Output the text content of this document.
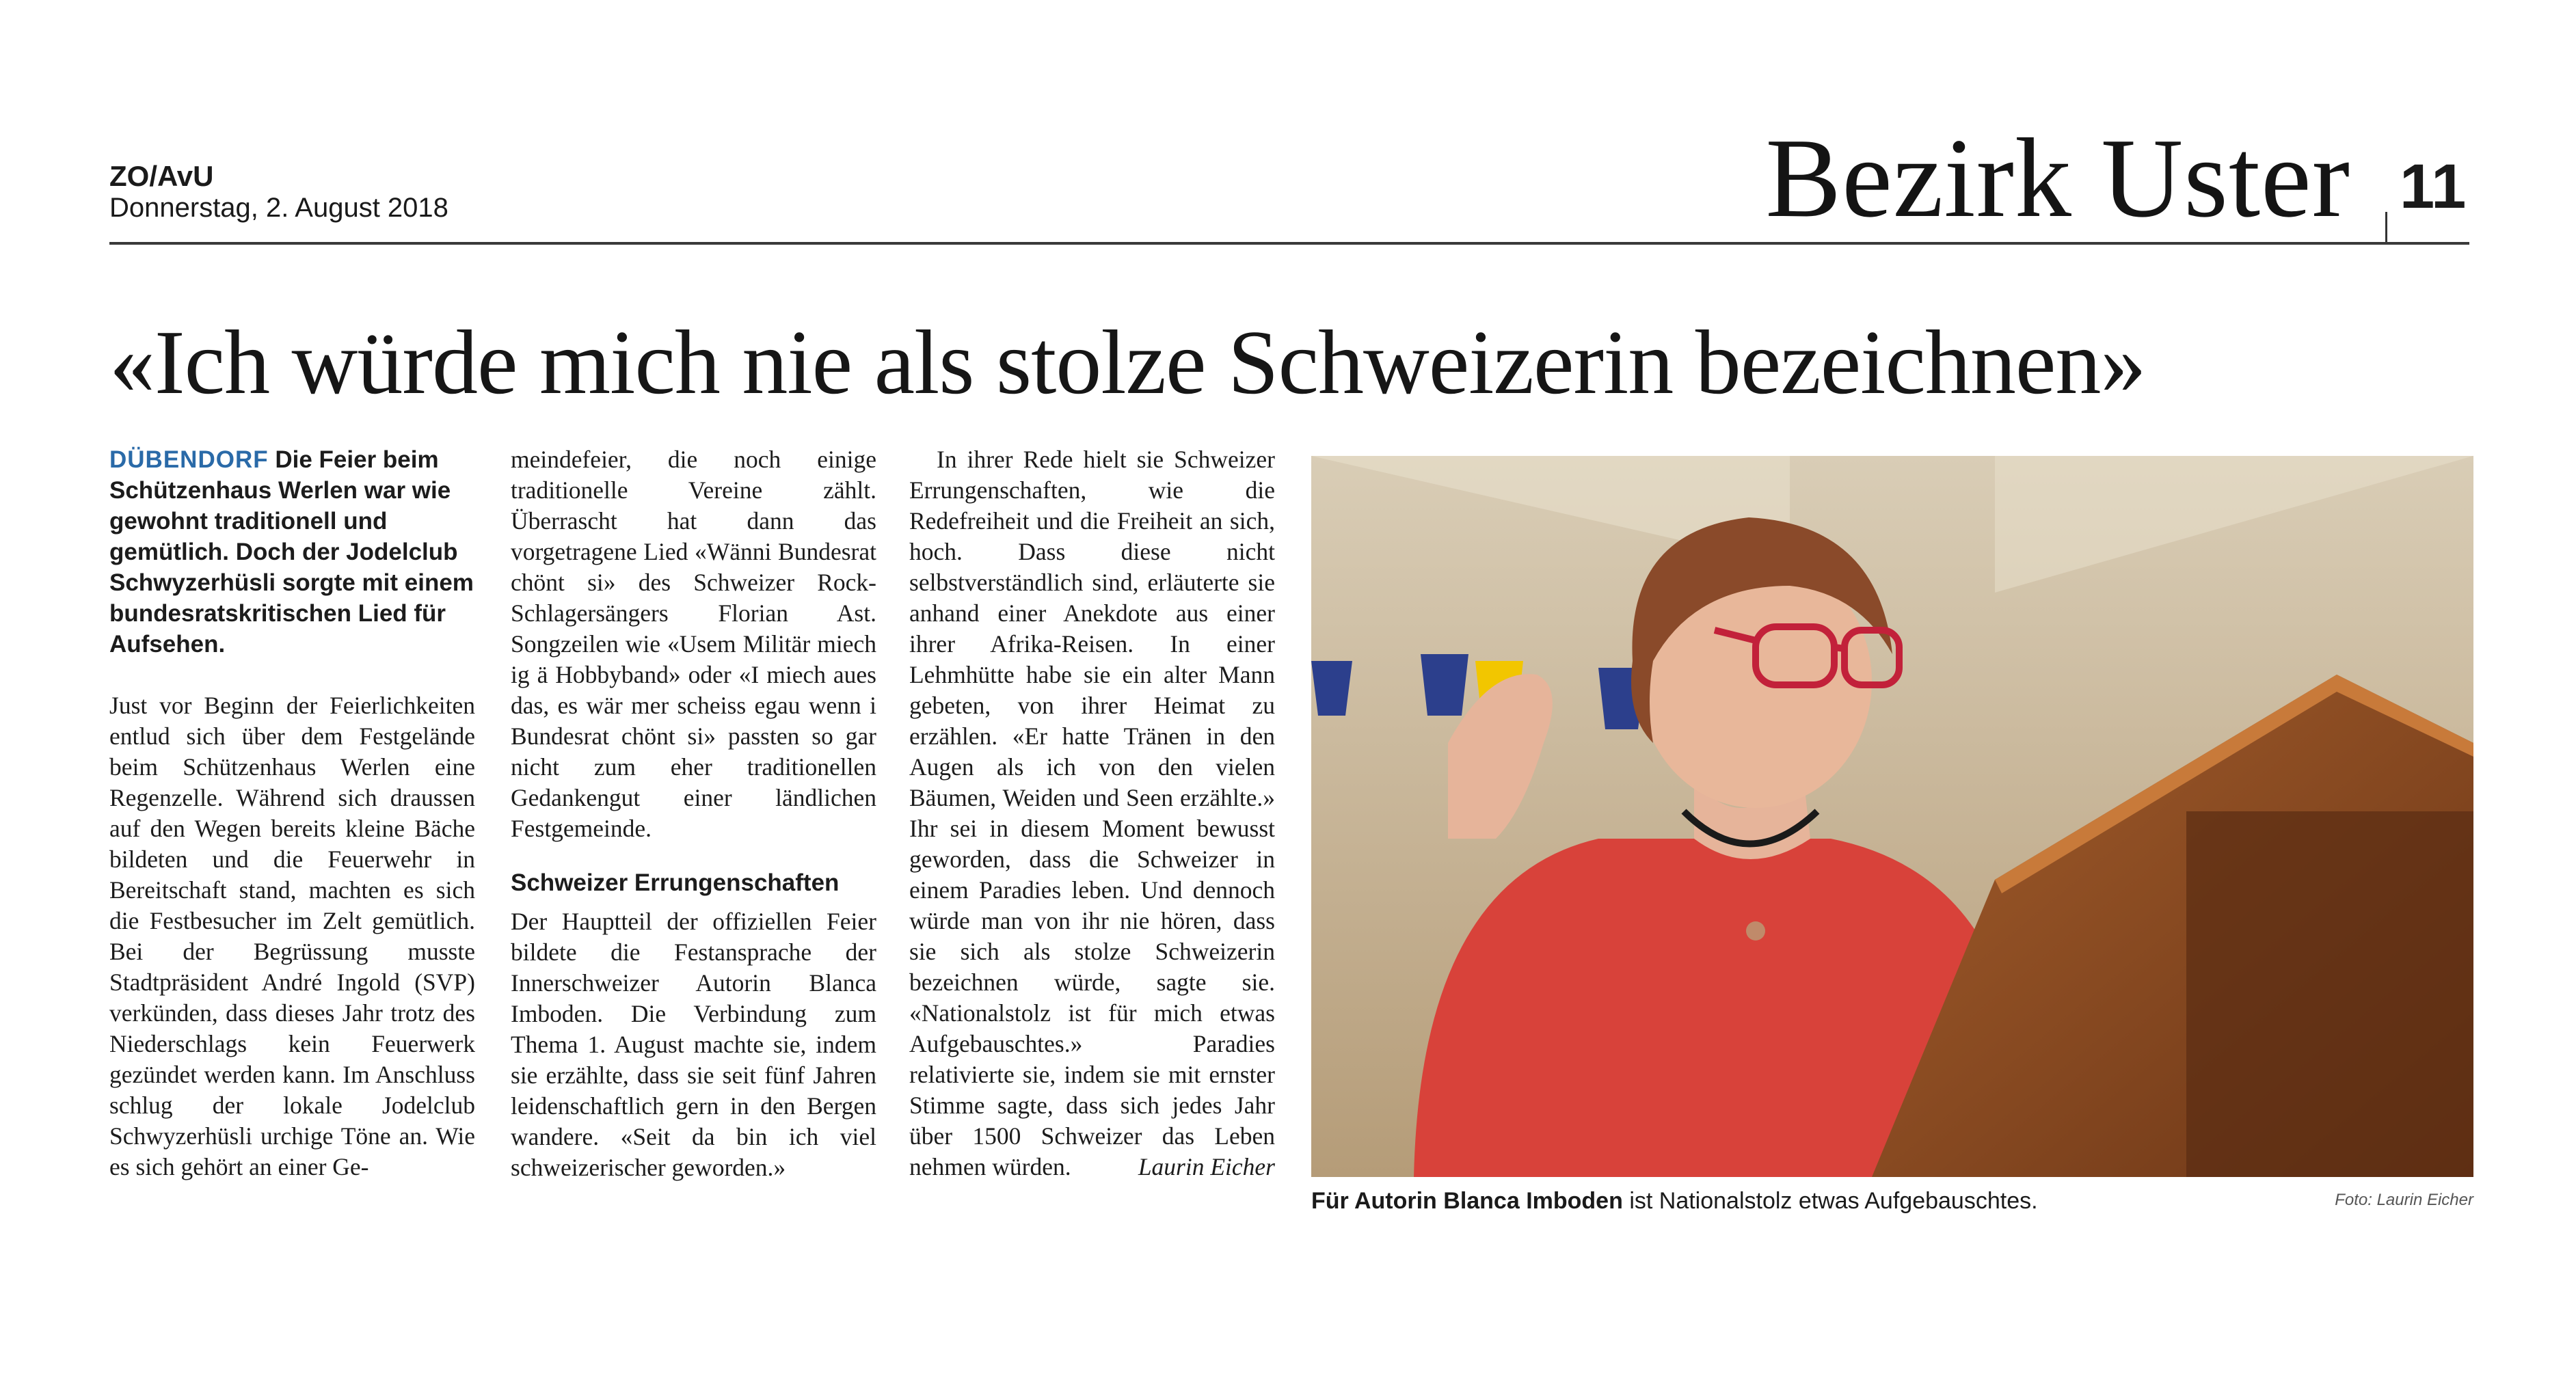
ZO/AvU
Donnerstag, 2. August 2018	Bezirk Uster 11
«Ich würde mich nie als stolze Schweizerin bezeichnen»

DÜBENDORF Die Feier beim Schützenhaus Werlen war wie gewohnt traditionell und gemütlich. Doch der Jodelclub Schwyzerhüsli sorgte mit einem bundesratskritischen Lied für Aufsehen.

Just vor Beginn der Feierlichkeiten entlud sich über dem Festgelände beim Schützenhaus Werlen eine Regenzelle. Während sich draussen auf den Wegen bereits kleine Bäche bildeten und die Feuerwehr in Bereitschaft stand, machten es sich die Festbesucher im Zelt gemütlich. Bei der Begrüssung musste Stadtpräsident André Ingold (SVP) verkünden, dass dieses Jahr trotz des Niederschlags kein Feuerwerk gezündet werden kann. Im Anschluss schlug der lokale Jodelclub Schwyzerhüsli urchige Töne an. Wie es sich gehört an einer Ge-

meindefeier, die noch einige traditionelle Vereine zählt. Überrascht hat dann das vorgetragene Lied «Wänni Bundesrat chönt si» des Schweizer Rock-Schlagersängers Florian Ast. Songzeilen wie «Usem Militär miech ig ä Hobbyband» oder «I miech aues das, es wär mer scheiss egau wenn i Bundesrat chönt si» passten so gar nicht zum eher traditionellen Gedankengut einer ländlichen Festgemeinde.

Schweizer Errungenschaften

Der Hauptteil der offiziellen Feier bildete die Festansprache der Innerschweizer Autorin Blanca Imboden. Die Verbindung zum Thema 1. August machte sie, indem sie erzählte, dass sie seit fünf Jahren leidenschaftlich gern in den Bergen wandere. «Seit da bin ich viel schweizerischer geworden.»

In ihrer Rede hielt sie Schweizer Errungenschaften, wie die Redefreiheit und die Freiheit an sich, hoch. Dass diese nicht selbstverständlich sind, erläuterte sie anhand einer Anekdote aus einer ihrer Afrika-Reisen. In einer Lehmhütte habe sie ein alter Mann gebeten, von ihrer Heimat zu erzählen. «Er hatte Tränen in den Augen als ich von den vielen Bäumen, Weiden und Seen erzählte.» Ihr sei in diesem Moment bewusst geworden, dass die Schweizer in einem Paradies leben. Und dennoch würde man von ihr nie hören, dass sie sich als stolze Schweizerin bezeichnen würde, sagte sie. «Nationalstolz ist für mich etwas Aufgebauschtes.» Paradies relativierte sie, indem sie mit ernster Stimme sagte, dass sich jedes Jahr über 1500 Schweizer das Leben nehmen würden.	Laurin Eicher

Für Autorin Blanca Imboden ist Nationalstolz etwas Aufgebauschtes.	Foto: Laurin Eicher
